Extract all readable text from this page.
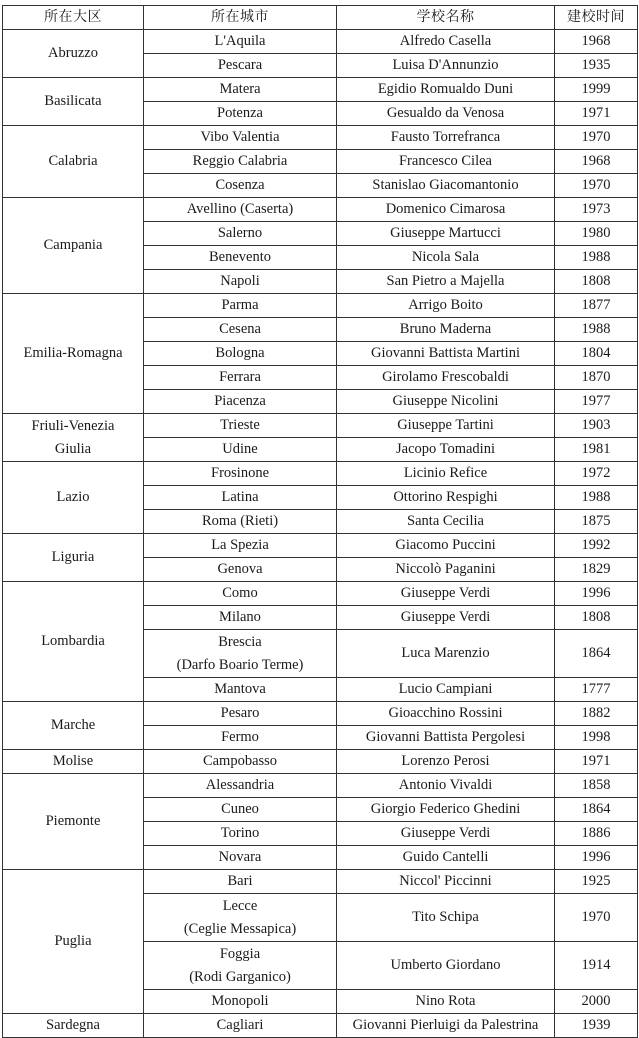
所在大区	所在城市	学校名称	建校时间

Abruzzo	L'Aquila	Alfredo Casella	1968

	Pescara	Luisa D'Annunzio	1935

Basilicata	Matera	Egidio Romualdo Duni	1999

	Potenza	Gesualdo da Venosa	1971

Calabria	Vibo Valentia	Fausto Torrefranca	1970

	Reggio Calabria	Francesco Cilea	1968

	Cosenza	Stanislao Giacomantonio	1970

Campania	Avellino (Caserta)	Domenico Cimarosa	1973

	Salerno	Giuseppe Martucci	1980

	Benevento	Nicola Sala	1988

	Napoli	San Pietro a Majella	1808

Emilia-Romagna	Parma	Arrigo Boito	1877

	Cesena	Bruno Maderna	1988

	Bologna	Giovanni Battista Martini	1804

	Ferrara	Girolamo Frescobaldi	1870

	Piacenza	Giuseppe Nicolini	1977

Friuli-Venezia
Giulia	Trieste	Giuseppe Tartini	1903

	Udine	Jacopo Tomadini	1981

Lazio	Frosinone	Licinio Refice	1972

	Latina	Ottorino Respighi	1988

	Roma (Rieti)	Santa Cecilia	1875

Liguria	La Spezia	Giacomo Puccini	1992

	Genova	Niccolò Paganini	1829

Lombardia	Como	Giuseppe Verdi	1996

	Milano	Giuseppe Verdi	1808

	Brescia
(Darfo Boario Terme)	Luca Marenzio	1864

	Mantova	Lucio Campiani	1777

Marche	Pesaro	Gioacchino Rossini	1882

	Fermo	Giovanni Battista Pergolesi	1998

Molise	Campobasso	Lorenzo Perosi	1971

Piemonte	Alessandria	Antonio Vivaldi	1858

	Cuneo	Giorgio Federico Ghedini	1864

	Torino	Giuseppe Verdi	1886

	Novara	Guido Cantelli	1996

Puglia	Bari	Niccol' Piccinni	1925

	Lecce
(Ceglie Messapica)	Tito Schipa	1970

	Foggia
(Rodi Garganico)	Umberto Giordano	1914

	Monopoli	Nino Rota	2000

Sardegna	Cagliari	Giovanni Pierluigi da Palestrina	1939
